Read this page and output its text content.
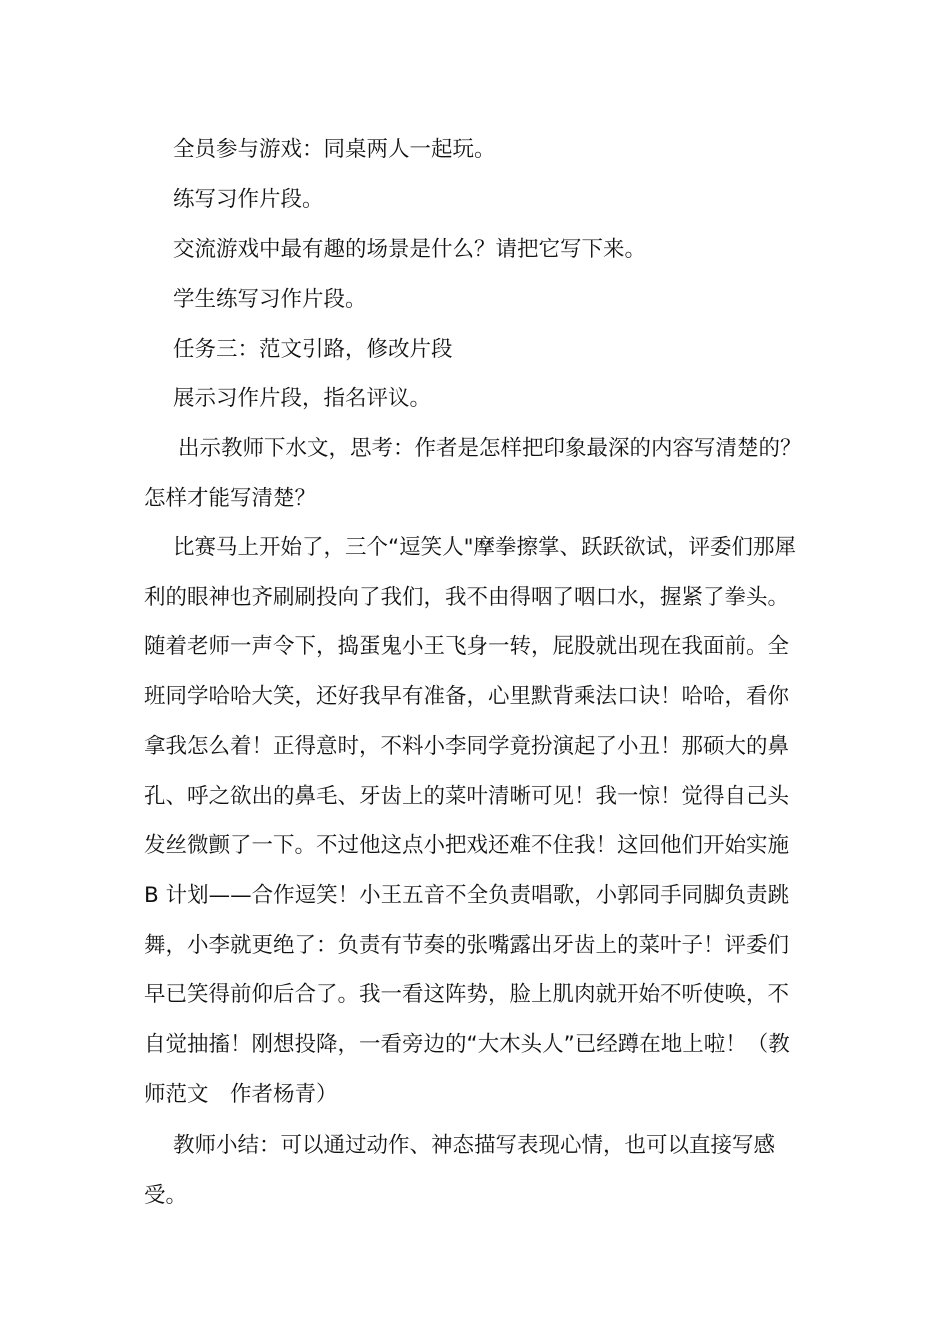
全员参与游戏：同桌两人一起玩。

练写习作片段。

交流游戏中最有趣的场景是什么？请把它写下来。

学生练写习作片段。

任务三：范文引路，修改片段

展示习作片段，指名评议。

出示教师下水文，思考：作者是怎样把印象最深的内容写清楚的？怎样才能写清楚？

比赛马上开始了，三个“逗笑人"摩拳擦掌、跃跃欲试，评委们那犀利的眼神也齐刷刷投向了我们，我不由得咽了咽口水，握紧了拳头。随着老师一声令下，捣蛋鬼小王飞身一转，屁股就出现在我面前。全班同学哈哈大笑，还好我早有准备，心里默背乘法口诀！哈哈，看你拿我怎么着！正得意时，不料小李同学竟扮演起了小丑！那硕大的鼻孔、呼之欲出的鼻毛、牙齿上的菜叶清晰可见！我一惊！觉得自己头发丝微颤了一下。不过他这点小把戏还难不住我！这回他们开始实施 B 计划——合作逗笑！小王五音不全负责唱歌，小郭同手同脚负责跳舞，小李就更绝了：负责有节奏的张嘴露出牙齿上的菜叶子！评委们早已笑得前仰后合了。我一看这阵势，脸上肌肉就开始不听使唤，不自觉抽搐！刚想投降，一看旁边的“大木头人”已经蹲在地上啦！（教师范文　作者杨青）

教师小结：可以通过动作、神态描写表现心情，也可以直接写感受。
